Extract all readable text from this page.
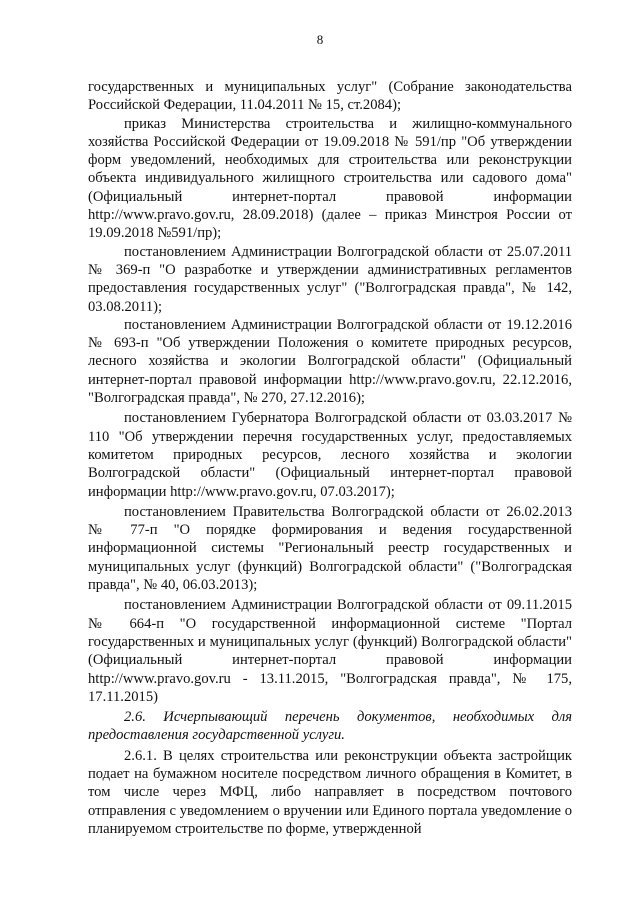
8

государственных и муниципальных услуг" (Собрание законодательства Российской Федерации, 11.04.2011 № 15, ст.2084);

приказ Министерства строительства и жилищно-коммунального хозяйства Российской Федерации от 19.09.2018 № 591/пр "Об утверждении форм уведомлений, необходимых для строительства или реконструкции объекта индивидуального жилищного строительства или садового дома" (Официальный интернет-портал правовой информации http://www.pravo.gov.ru, 28.09.2018) (далее – приказ Минстроя России от 19.09.2018 №591/пр);

постановлением Администрации Волгоградской области от 25.07.2011 № 369-п "О разработке и утверждении административных регламентов предоставления государственных услуг" ("Волгоградская правда", № 142, 03.08.2011);

постановлением Администрации Волгоградской области от 19.12.2016 № 693-п "Об утверждении Положения о комитете природных ресурсов, лесного хозяйства и экологии Волгоградской области" (Официальный интернет-портал правовой информации http://www.pravo.gov.ru, 22.12.2016, "Волгоградская правда", № 270, 27.12.2016);

постановлением Губернатора Волгоградской области от 03.03.2017 № 110 "Об утверждении перечня государственных услуг, предоставляемых комитетом природных ресурсов, лесного хозяйства и экологии Волгоградской области" (Официальный интернет-портал правовой информации http://www.pravo.gov.ru, 07.03.2017);

постановлением Правительства Волгоградской области от 26.02.2013 № 77-п "О порядке формирования и ведения государственной информационной системы "Региональный реестр государственных и муниципальных услуг (функций) Волгоградской области" ("Волгоградская правда", № 40, 06.03.2013);

постановлением Администрации Волгоградской области от 09.11.2015 № 664-п "О государственной информационной системе "Портал государственных и муниципальных услуг (функций) Волгоградской области" (Официальный интернет-портал правовой информации http://www.pravo.gov.ru - 13.11.2015, "Волгоградская правда", № 175, 17.11.2015)

2.6. Исчерпывающий перечень документов, необходимых для предоставления государственной услуги.

2.6.1. В целях строительства или реконструкции объекта застройщик подает на бумажном носителе посредством личного обращения в Комитет, в том числе через МФЦ, либо направляет в посредством почтового отправления с уведомлением о вручении или Единого портала уведомление о планируемом строительстве по форме, утвержденной
